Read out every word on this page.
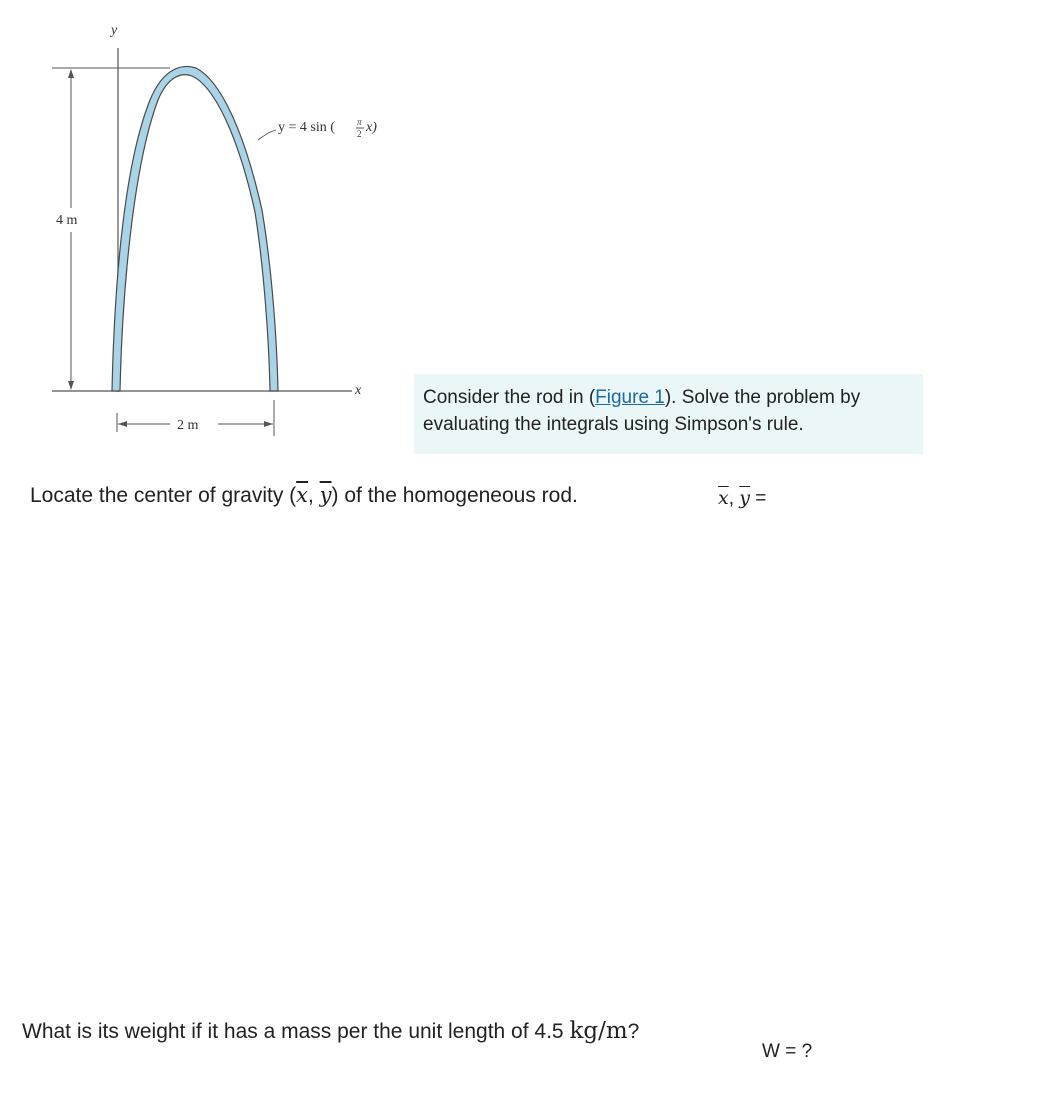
y
x
4 m
y = 4 sin ( π
2 x)
2 m
Consider the rod in (Figure 1). Solve the problem by evaluating the integrals using Simpson's rule.
Locate the center of gravity ($\overline{x}$, $\overline{y}$) of the homogeneous rod.	$\overline{x}$, $\overline{y}$ =
What is its weight if it has a mass per the unit length of 4.5 kg/m?
W = ?
